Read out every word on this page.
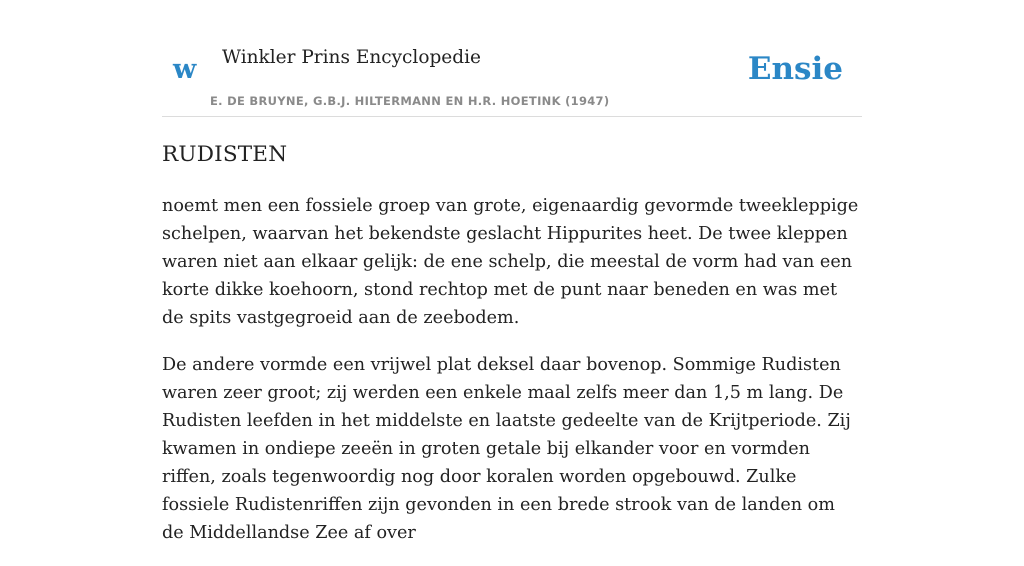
w Winkler Prins Encyclopedie
E. DE BRUYNE, G.B.J. HILTERMANN EN H.R. HOETINK (1947)
Ensie
RUDISTEN

noemt men een fossiele groep van grote, eigenaardig gevormde tweekleppige schelpen, waarvan het bekendste geslacht Hippurites heet. De twee kleppen waren niet aan elkaar gelijk: de ene schelp, die meestal de vorm had van een korte dikke koehoorn, stond rechtop met de punt naar beneden en was met de spits vastgegroeid aan de zeebodem.

De andere vormde een vrijwel plat deksel daar bovenop. Sommige Rudisten waren zeer groot; zij werden een enkele maal zelfs meer dan 1,5 m lang. De Rudisten leefden in het middelste en laatste gedeelte van de Krijtperiode. Zij kwamen in ondiepe zeeën in groten getale bij elkander voor en vormden riffen, zoals tegenwoordig nog door koralen worden opgebouwd. Zulke fossiele Rudistenriffen zijn gevonden in een brede strook van de landen om de Middellandse Zee af over
